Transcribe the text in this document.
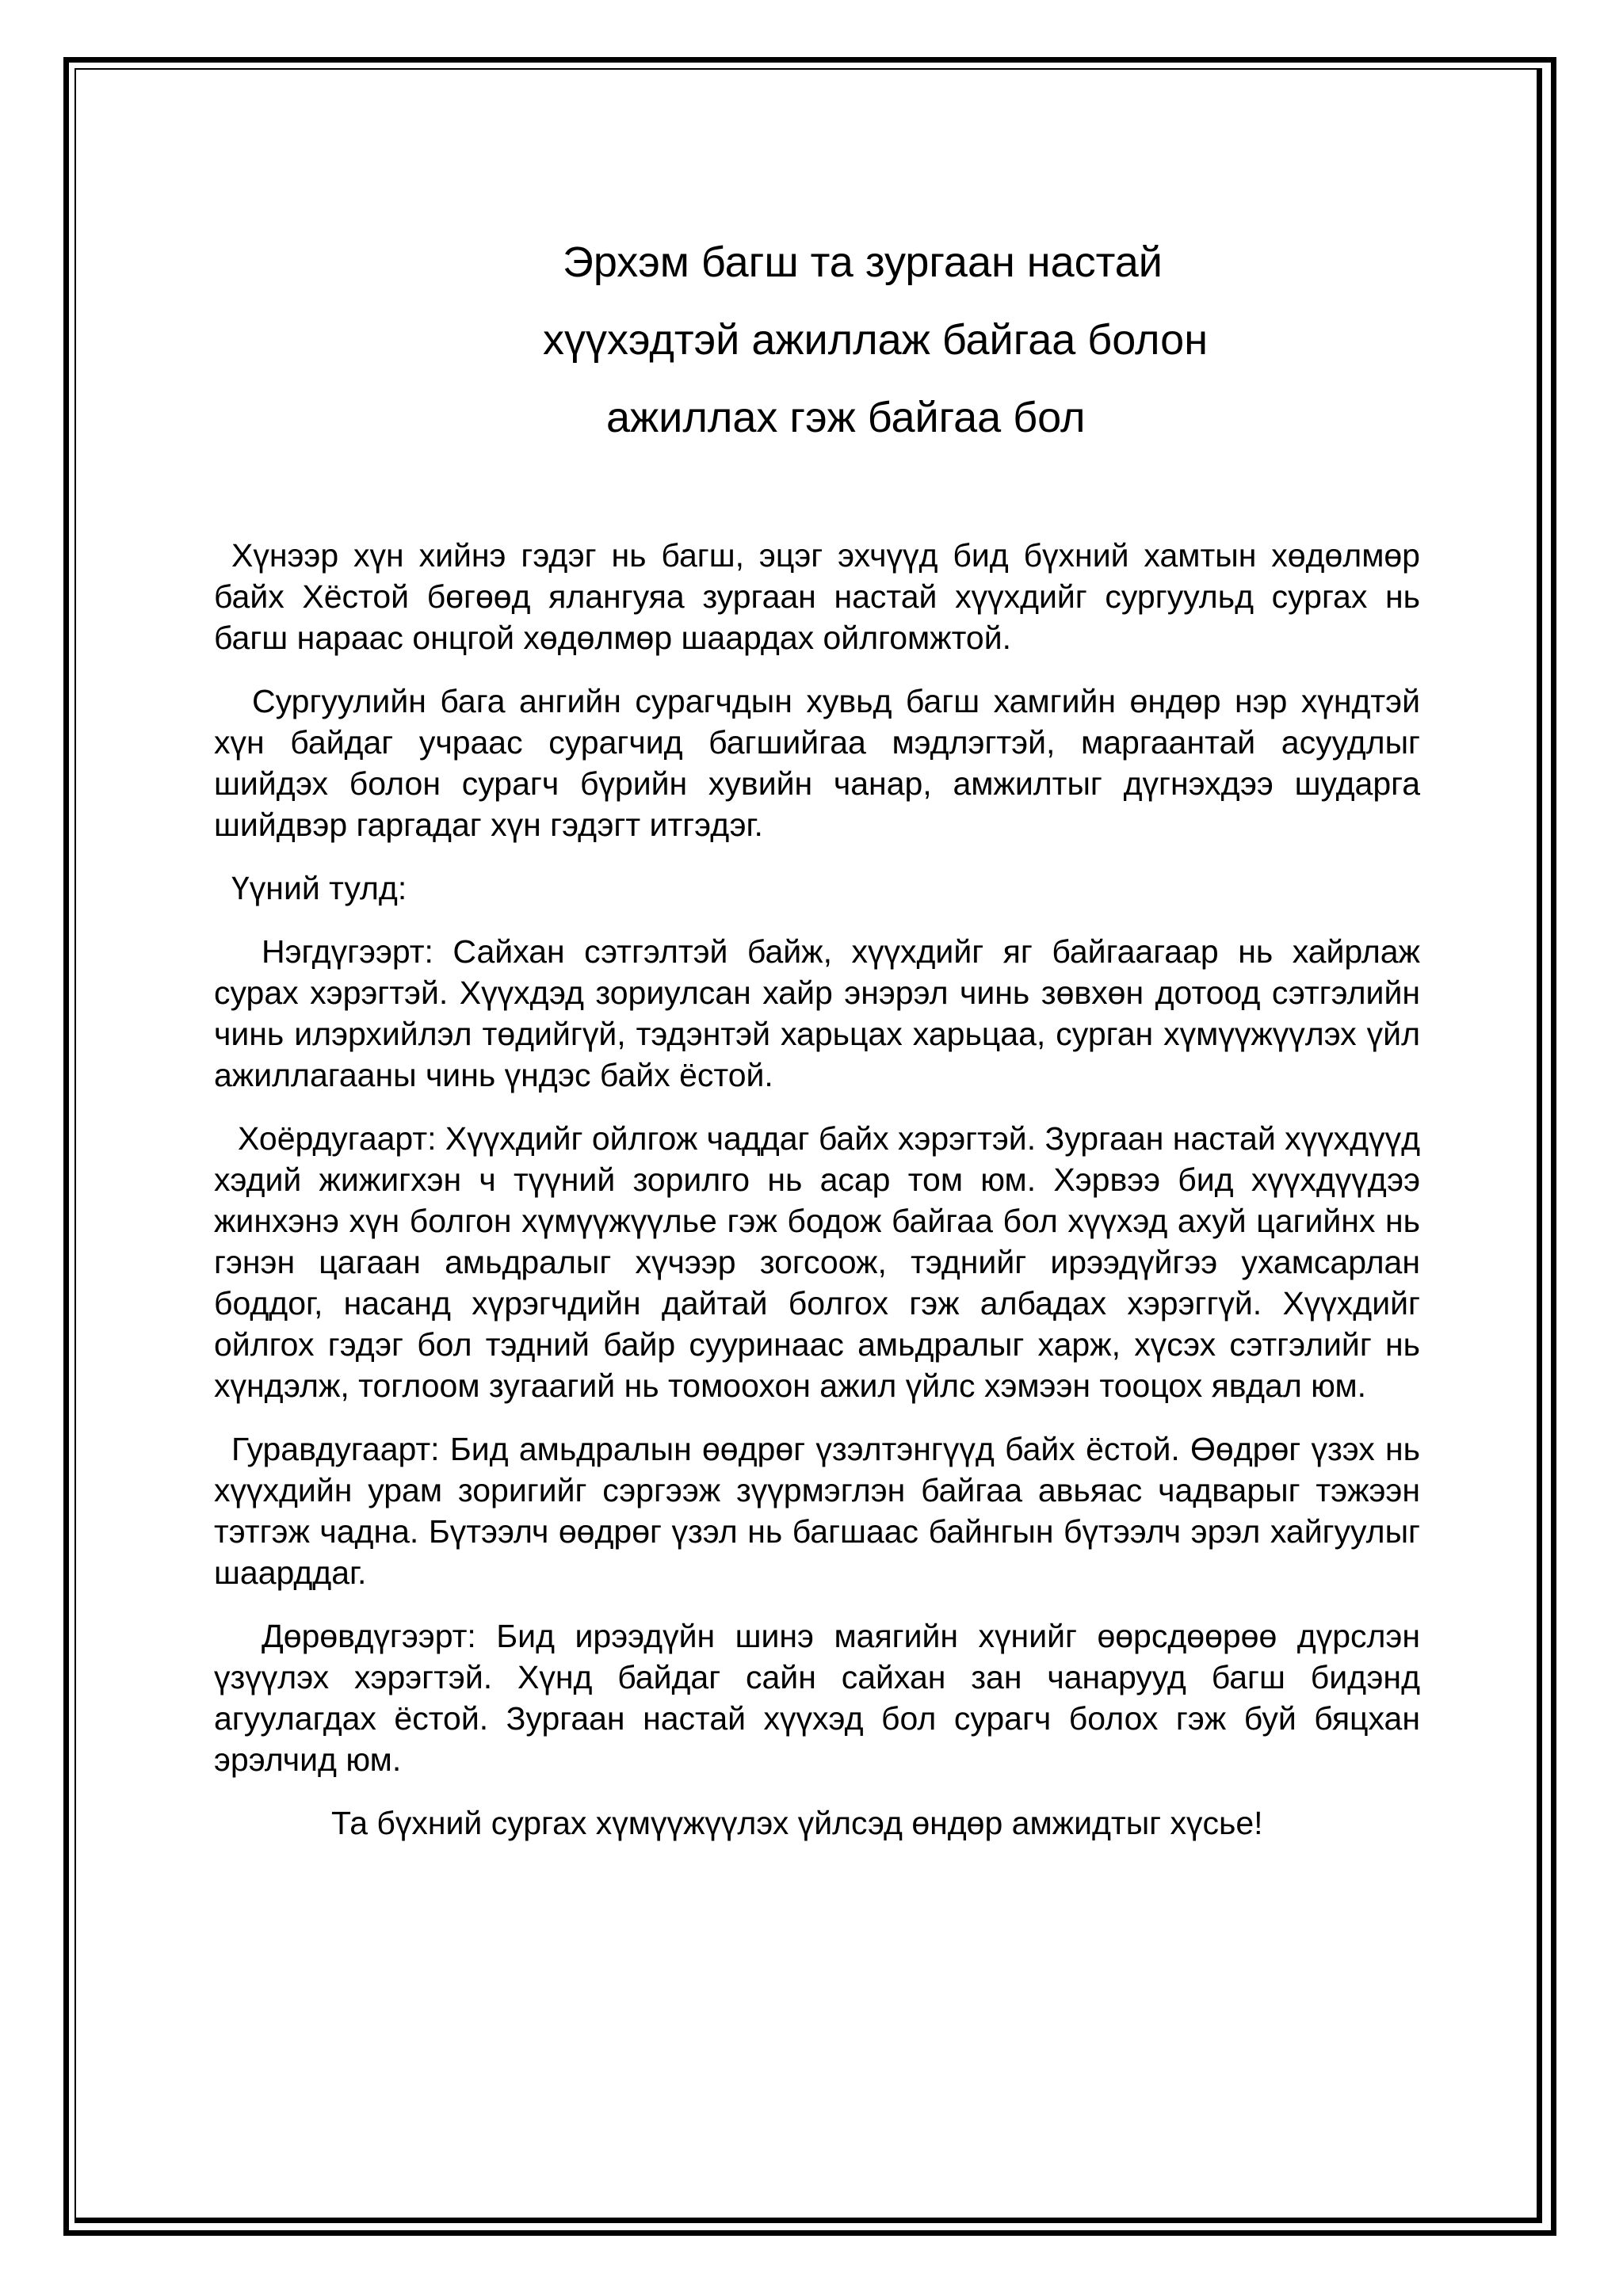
Эрхэм багш та зургаан настай
хүүхэдтэй ажиллаж байгаа болон
ажиллах гэж байгаа бол

Хүнээр хүн хийнэ гэдэг нь багш, эцэг эхчүүд бид бүхний хамтын хөдөлмөр байх Хёстой бөгөөд ялангуяа зургаан настай хүүхдийг сургуульд сургах нь багш нараас онцгой хөдөлмөр шаардах ойлгомжтой.

Сургуулийн бага ангийн сурагчдын хувьд багш хамгийн өндөр нэр хүндтэй хүн байдаг учраас сурагчид багшийгаа мэдлэгтэй, маргаантай асуудлыг шийдэх болон сурагч бүрийн хувийн чанар, амжилтыг дүгнэхдээ шударга шийдвэр гаргадаг хүн гэдэгт итгэдэг.

Үүний тулд:

Нэгдүгээрт: Сайхан сэтгэлтэй байж, хүүхдийг яг байгаагаар нь хайрлаж сурах хэрэгтэй. Хүүхдэд зориулсан хайр энэрэл чинь зөвхөн дотоод сэтгэлийн чинь илэрхийлэл төдийгүй, тэдэнтэй харьцах харьцаа, сурган хүмүүжүүлэх үйл ажиллагааны чинь үндэс байх ёстой.

Хоёрдугаарт: Хүүхдийг ойлгож чаддаг байх хэрэгтэй. Зургаан настай хүүхдүүд хэдий жижигхэн ч түүний зорилго нь асар том юм. Хэрвээ бид хүүхдүүдээ жинхэнэ хүн болгон хүмүүжүүлье гэж бодож байгаа бол хүүхэд ахуй цагийнх нь гэнэн цагаан амьдралыг хүчээр зогсоож, тэднийг ирээдүйгээ ухамсарлан боддог, насанд хүрэгчдийн дайтай болгох гэж албадах хэрэггүй. Хүүхдийг ойлгох гэдэг бол тэдний байр сууринаас амьдралыг харж, хүсэх сэтгэлийг нь хүндэлж, тоглоом зугаагий нь томоохон ажил үйлс хэмээн тооцох явдал юм.

Гуравдугаарт: Бид амьдралын өөдрөг үзэлтэнгүүд байх ёстой. Өөдрөг үзэх нь хүүхдийн урам зоригийг сэргээж зүүрмэглэн байгаа авьяас чадварыг тэжээн тэтгэж чадна. Бүтээлч өөдрөг үзэл нь багшаас байнгын бүтээлч эрэл хайгуулыг шаарддаг.

Дөрөвдүгээрт: Бид ирээдүйн шинэ маягийн хүнийг өөрсдөөрөө дүрслэн үзүүлэх хэрэгтэй. Хүнд байдаг сайн сайхан зан чанарууд багш бидэнд агуулагдах ёстой. Зургаан настай хүүхэд бол сурагч болох гэж буй бяцхан эрэлчид юм.

Та бүхний сургах хүмүүжүүлэх үйлсэд өндөр амжидтыг хүсье!
